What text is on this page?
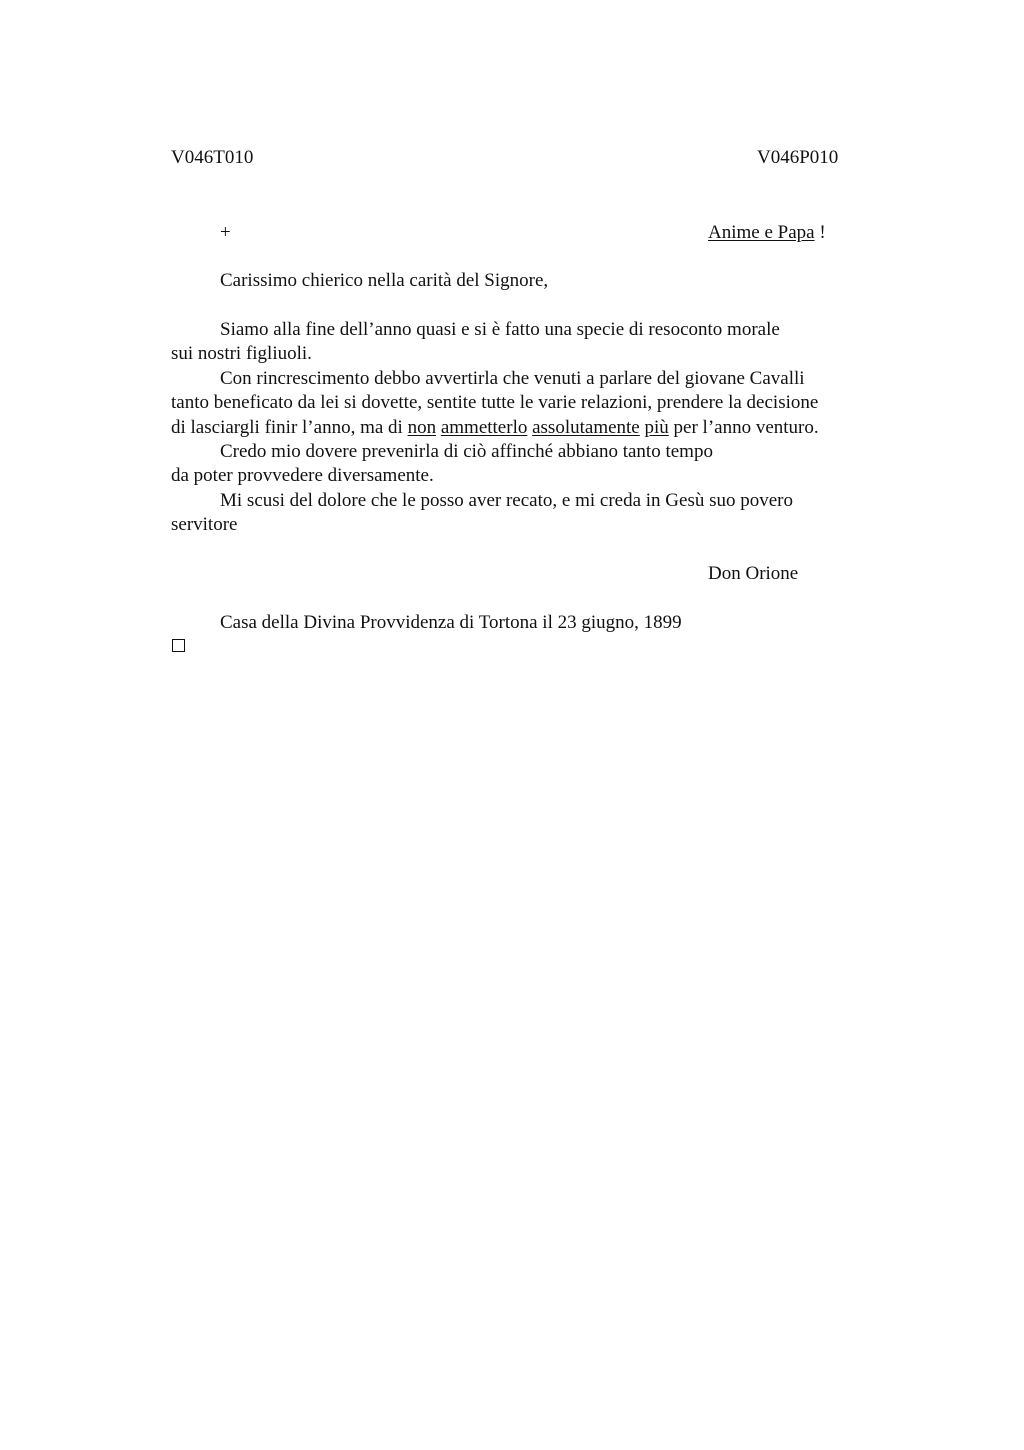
V046T010	V046P010
+	Anime e Papa !
Carissimo chierico nella carità del Signore,
Siamo alla fine dell’anno quasi e si è fatto una specie di resoconto morale
sui nostri figliuoli.
Con rincrescimento debbo avvertirla che venuti a parlare del giovane Cavalli
tanto beneficato da lei si dovette, sentite tutte le varie relazioni, prendere la decisione
di lasciargli finir l’anno, ma di non ammetterlo assolutamente più per l’anno venturo.
Credo mio dovere prevenirla di ciò affinché abbiano tanto tempo
da poter provvedere diversamente.
Mi scusi del dolore che le posso aver recato, e mi creda in Gesù suo povero
servitore
Don Orione
Casa della Divina Provvidenza di Tortona il 23 giugno, 1899
